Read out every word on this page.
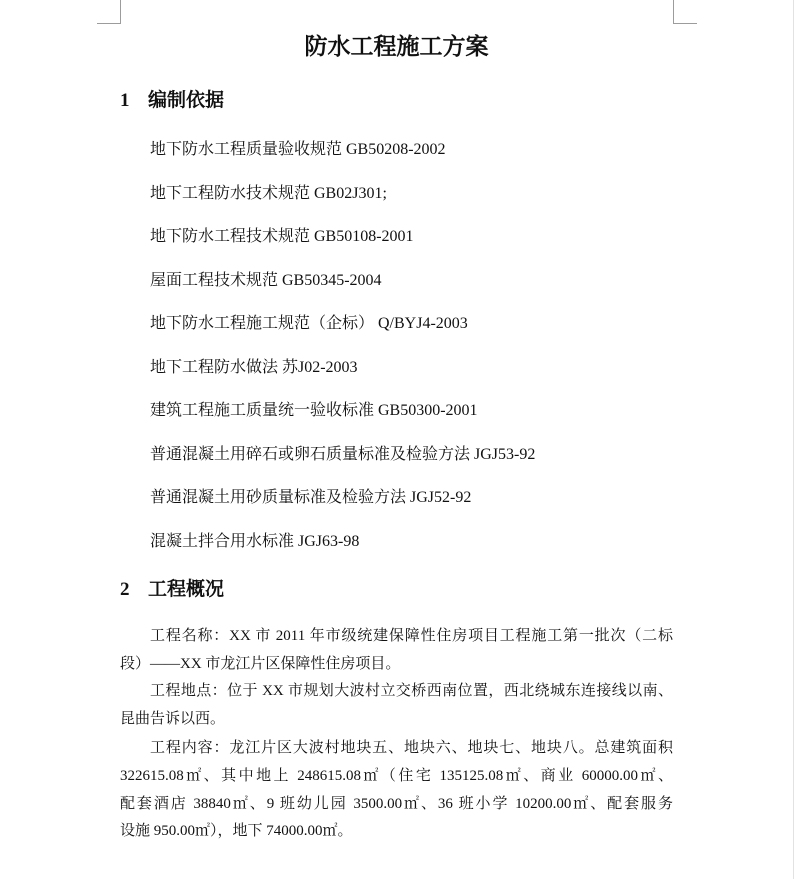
防水工程施工方案
1 编制依据
地下防水工程质量验收规范 GB50208-2002
地下工程防水技术规范 GB02J301;
地下防水工程技术规范 GB50108-2001
屋面工程技术规范 GB50345-2004
地下防水工程施工规范（企标） Q/BYJ4-2003
地下工程防水做法 苏J02-2003
建筑工程施工质量统一验收标准 GB50300-2001
普通混凝土用碎石或卵石质量标准及检验方法 JGJ53-92
普通混凝土用砂质量标准及检验方法 JGJ52-92
混凝土拌合用水标准 JGJ63-98
2 工程概况
工程名称：XX 市 2011 年市级统建保障性住房项目工程施工第一批次（二标
段）——XX 市龙江片区保障性住房项目。
工程地点：位于 XX 市规划大波村立交桥西南位置，西北绕城东连接线以南、
昆曲告诉以西。
工程内容：龙江片区大波村地块五、地块六、地块七、地块八。总建筑面积
322615.08㎡、其中地上 248615.08㎡（住宅 135125.08㎡、商业 60000.00㎡、
配套酒店 38840㎡、9 班幼儿园 3500.00㎡、36 班小学 10200.00㎡、配套服务
设施 950.00㎡），地下 74000.00㎡。
